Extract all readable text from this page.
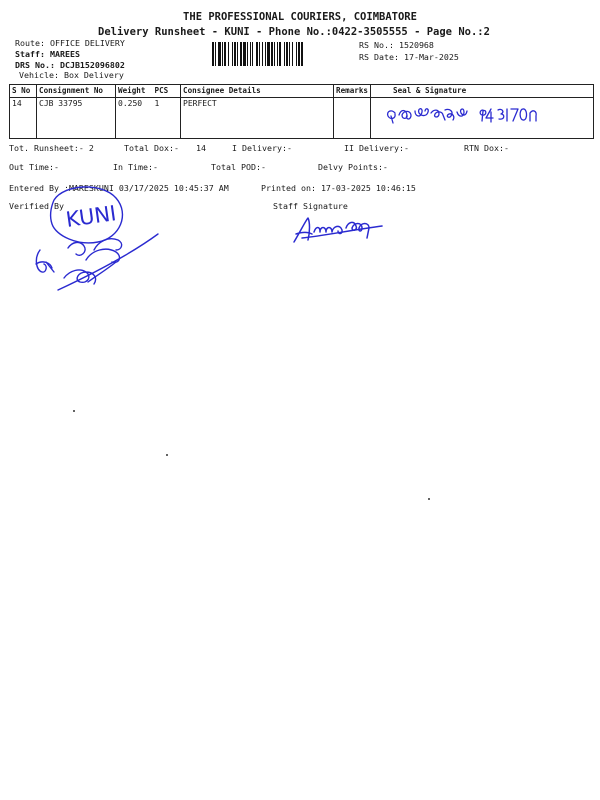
THE PROFESSIONAL COURIERS, COIMBATORE
Delivery Runsheet - KUNI - Phone No.:0422-3505555 - Page No.:2
Route: OFFICE DELIVERY
Staff: MAREES
DRS No.: DCJB152096802
Vehicle: Box Delivery
RS No.: 1520968
RS Date: 17-Mar-2025
S No	Consignment No	Weight	PCS	Consignee Details	Remarks	Seal & Signature
14	CJB 33795	0.250	1	PERFECT		
Tot. Runsheet:- 2	Total Dox:- 14	I Delivery:-	II Delivery:-	RTN Dox:-
Out Time:-	In Time:-	Total POD:-	Delvy Points:-
Entered By :MARESKUNI 03/17/2025 10:45:37 AM	Printed on: 17-03-2025 10:46:15
Verified By	Staff Signature
KUNI
